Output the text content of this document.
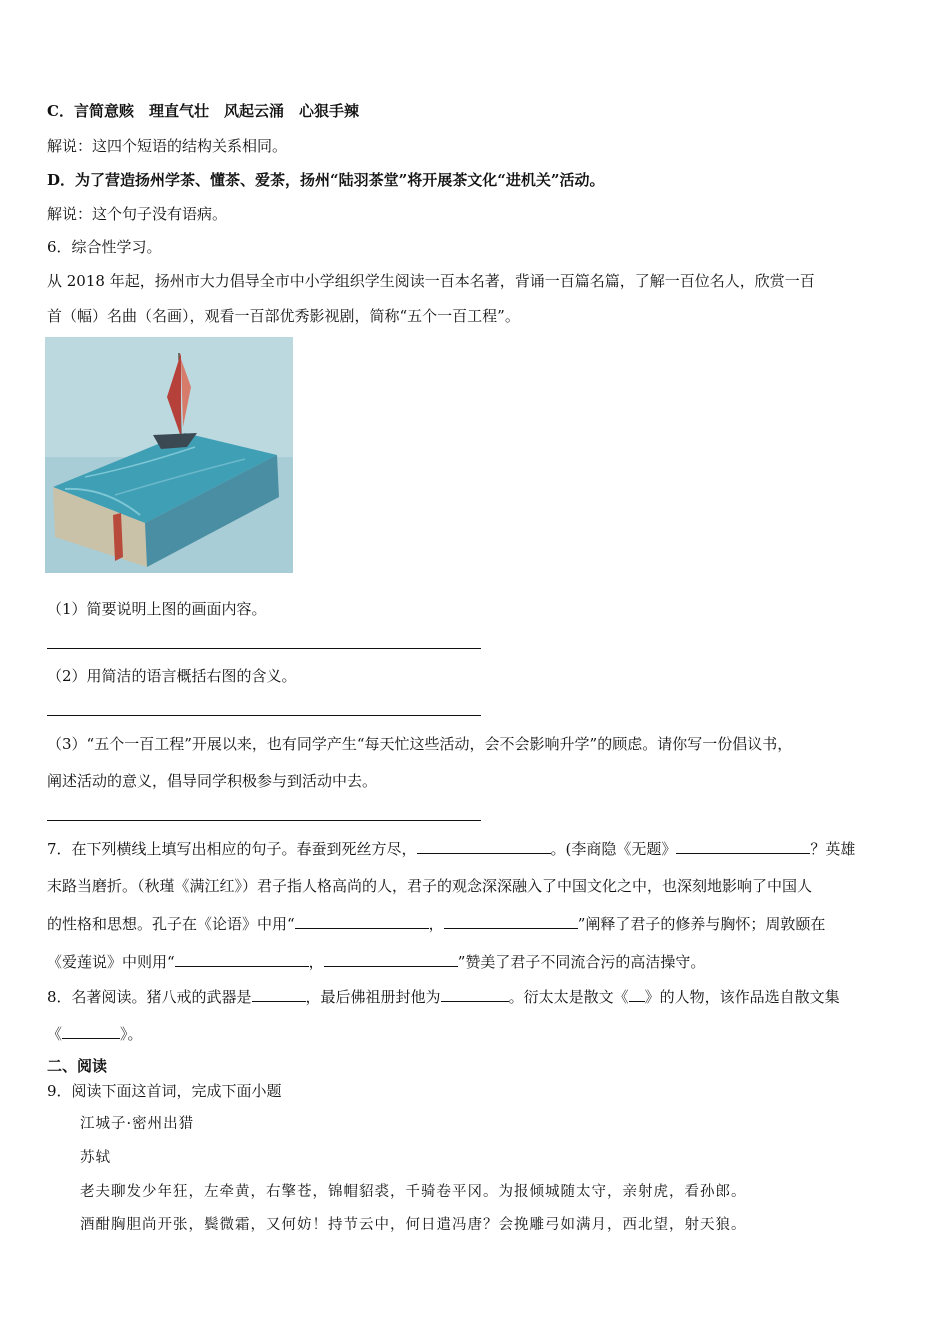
C．言简意赅　理直气壮　风起云涌　心狠手辣
解说：这四个短语的结构关系相同。
D．为了营造扬州学茶、懂茶、爱茶，扬州“陆羽茶堂”将开展茶文化“进机关”活动。
解说：这个句子没有语病。
6．综合性学习。
从 2018 年起，扬州市大力倡导全市中小学组织学生阅读一百本名著，背诵一百篇名篇，了解一百位名人，欣赏一百
首（幅）名曲（名画），观看一百部优秀影视剧，简称“五个一百工程”。
（1）简要说明上图的画面内容。
（2）用简洁的语言概括右图的含义。
（3）“五个一百工程”开展以来，也有同学产生“每天忙这些活动，会不会影响升学”的顾虑。请你写一份倡议书，
阐述活动的意义，倡导同学积极参与到活动中去。
7．在下列横线上填写出相应的句子。春蚕到死丝方尽，	。(李商隐《无题》	？英雄
末路当磨折。（秋瑾《满江红》）君子指人格高尚的人，君子的观念深深融入了中国文化之中，也深刻地影响了中国人
的性格和思想。孔子在《论语》中用“	，	”阐释了君子的修养与胸怀；周敦颐在
《爱莲说》中则用“	，	”赞美了君子不同流合污的高洁操守。
8．名著阅读。猪八戒的武器是	，最后佛祖册封他为	。衍太太是散文《 》的人物，该作品选自散文集
《	》。
二、阅读
9．阅读下面这首词，完成下面小题
江城子·密州出猎
苏轼
老夫聊发少年狂，左牵黄，右擎苍，锦帽貂裘，千骑卷平冈。为报倾城随太守，亲射虎，看孙郎。
酒酣胸胆尚开张，鬓微霜，又何妨！持节云中，何日遣冯唐？会挽雕弓如满月，西北望，射天狼。
